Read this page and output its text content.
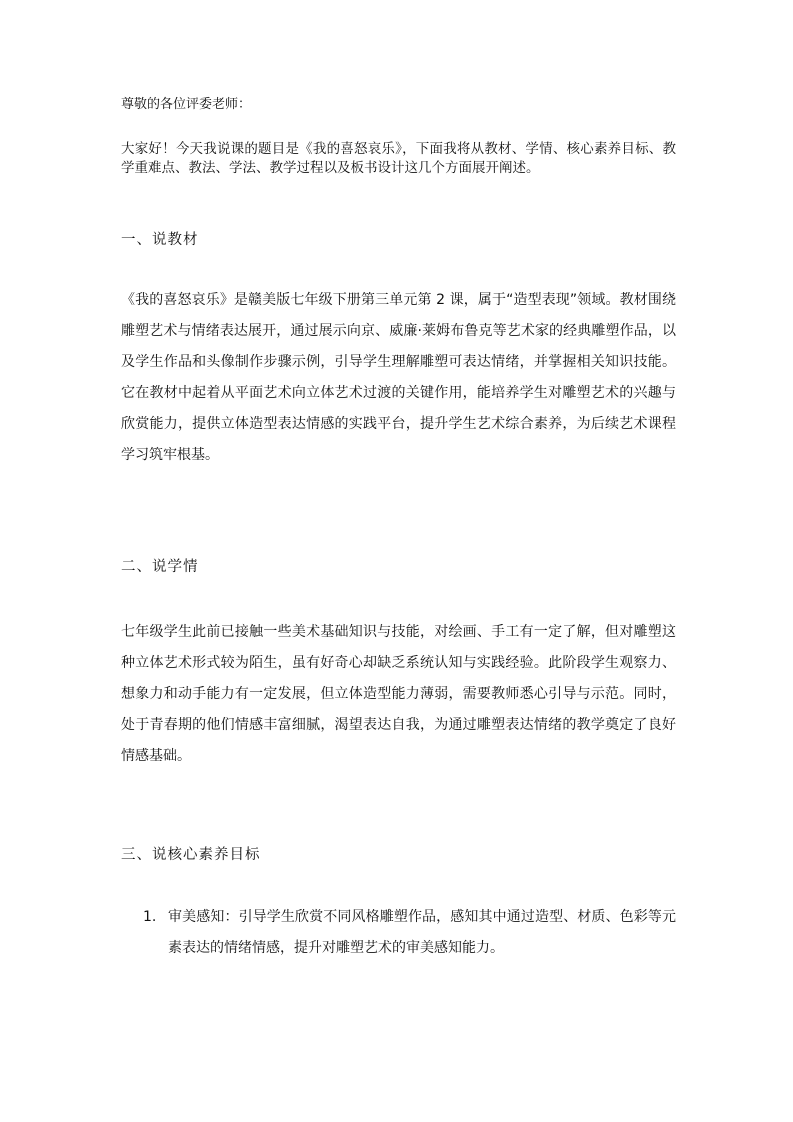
尊敬的各位评委老师：
大家好！今天我说课的题目是《我的喜怒哀乐》，下面我将从教材、学情、核心素养目标、教学重难点、教法、学法、教学过程以及板书设计这几个方面展开阐述。
一、说教材
《我的喜怒哀乐》是赣美版七年级下册第三单元第 2 课，属于“造型表现”领域。教材围绕雕塑艺术与情绪表达展开，通过展示向京、威廉·莱姆布鲁克等艺术家的经典雕塑作品，以及学生作品和头像制作步骤示例，引导学生理解雕塑可表达情绪，并掌握相关知识技能。它在教材中起着从平面艺术向立体艺术过渡的关键作用，能培养学生对雕塑艺术的兴趣与欣赏能力，提供立体造型表达情感的实践平台，提升学生艺术综合素养，为后续艺术课程学习筑牢根基。
二、说学情
七年级学生此前已接触一些美术基础知识与技能，对绘画、手工有一定了解，但对雕塑这种立体艺术形式较为陌生，虽有好奇心却缺乏系统认知与实践经验。此阶段学生观察力、想象力和动手能力有一定发展，但立体造型能力薄弱，需要教师悉心引导与示范。同时，处于青春期的他们情感丰富细腻，渴望表达自我，为通过雕塑表达情绪的教学奠定了良好情感基础。
三、说核心素养目标
1. 审美感知：引导学生欣赏不同风格雕塑作品，感知其中通过造型、材质、色彩等元素表达的情绪情感，提升对雕塑艺术的审美感知能力。
